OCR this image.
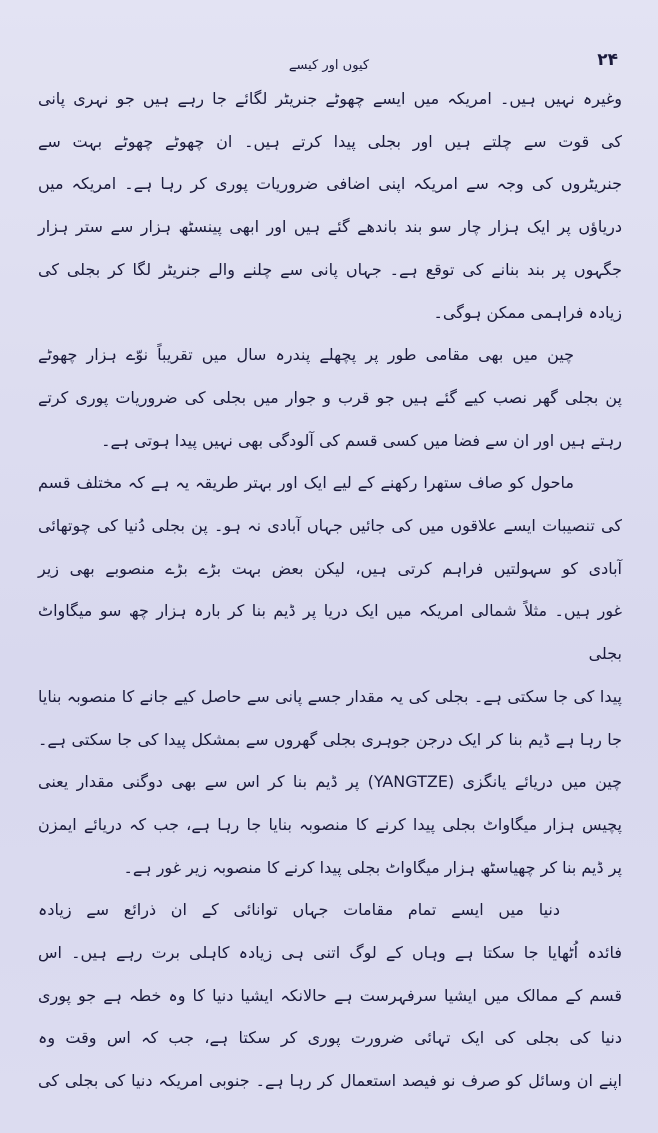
۲۴
کیوں اور کیسے
وغیرہ نہیں ہیں۔ امریکہ میں ایسے چھوٹے جنریٹر لگائے جا رہے ہیں جو نہری پانی
کی قوت سے چلتے ہیں اور بجلی پیدا کرتے ہیں۔ ان چھوٹے چھوٹے بہت سے
جنریٹروں کی وجہ سے امریکہ اپنی اضافی ضروریات پوری کر رہا ہے۔ امریکہ میں
دریاؤں پر ایک ہزار چار سو بند باندھے گئے ہیں اور ابھی پینسٹھ ہزار سے ستر ہزار
جگہوں پر بند بنانے کی توقع ہے۔ جہاں پانی سے چلنے والے جنریٹر لگا کر بجلی کی
زیادہ فراہمی ممکن ہوگی۔
چین میں بھی مقامی طور پر پچھلے پندرہ سال میں تقریباً نوّے ہزار چھوٹے
پن بجلی گھر نصب کیے گئے ہیں جو قرب و جوار میں بجلی کی ضروریات پوری کرتے
رہتے ہیں اور ان سے فضا میں کسی قسم کی آلودگی بھی نہیں پیدا ہوتی ہے۔
ماحول کو صاف ستھرا رکھنے کے لیے ایک اور بہتر طریقہ یہ ہے کہ مختلف قسم
کی تنصیبات ایسے علاقوں میں کی جائیں جہاں آبادی نہ ہو۔ پن بجلی دُنیا کی چوتھائی
آبادی کو سہولتیں فراہم کرتی ہیں، لیکن بعض بہت بڑے بڑے منصوبے بھی زیر
غور ہیں۔ مثلاً شمالی امریکہ میں ایک دریا پر ڈیم بنا کر بارہ ہزار چھ سو میگاواٹ بجلی
پیدا کی جا سکتی ہے۔ بجلی کی یہ مقدار جسے پانی سے حاصل کیے جانے کا منصوبہ بنایا
جا رہا ہے ڈیم بنا کر ایک درجن جوہری بجلی گھروں سے بمشکل پیدا کی جا سکتی ہے۔
چین میں دریائے یانگزی (YANGTZE) پر ڈیم بنا کر اس سے بھی دوگنی مقدار یعنی
پچیس ہزار میگاواٹ بجلی پیدا کرنے کا منصوبہ بنایا جا رہا ہے، جب کہ دریائے ایمزن
پر ڈیم بنا کر چھیاسٹھ ہزار میگاواٹ بجلی پیدا کرنے کا منصوبہ زیر غور ہے۔
دنیا میں ایسے تمام مقامات جہاں توانائی کے ان ذرائع سے زیادہ
فائدہ اُٹھایا جا سکتا ہے وہاں کے لوگ اتنی ہی زیادہ کاہلی برت رہے ہیں۔ اس
قسم کے ممالک میں ایشیا سرفہرست ہے حالانکہ ایشیا دنیا کا وہ خطہ ہے جو پوری
دنیا کی بجلی کی ایک تہائی ضرورت پوری کر سکتا ہے، جب کہ اس وقت وہ
اپنے ان وسائل کو صرف نو فیصد استعمال کر رہا ہے۔ جنوبی امریکہ دنیا کی بجلی کی
